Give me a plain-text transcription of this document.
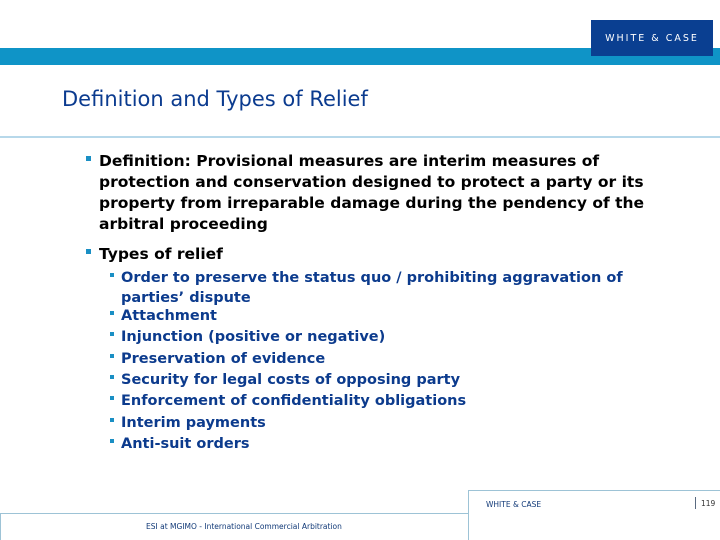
WHITE & CASE
Definition and Types of Relief
Definition: Provisional measures are interim measures of protection and conservation designed to protect a party or its property from irreparable damage during the pendency of the arbitral proceeding
Types of relief
Order to preserve the status quo / prohibiting aggravation of parties’ dispute
Attachment
Injunction (positive or negative)
Preservation of evidence
Security for legal costs of opposing party
Enforcement of confidentiality obligations
Interim payments
Anti-suit orders
WHITE & CASE	119
ESI at MGIMO - International Commercial Arbitration
